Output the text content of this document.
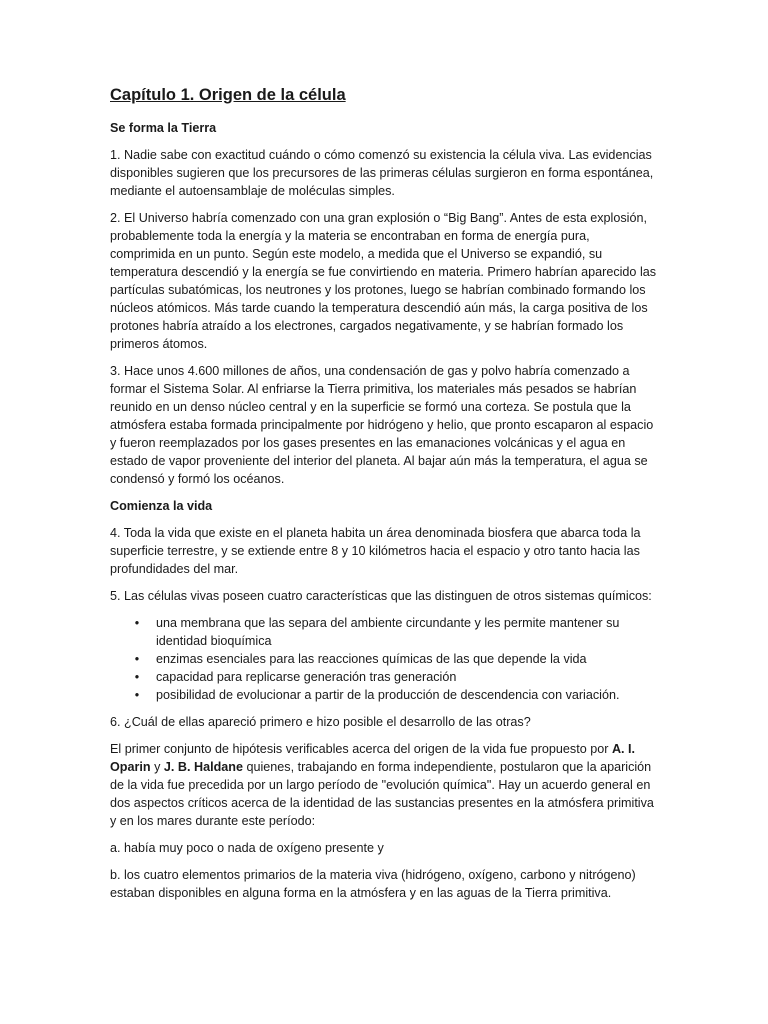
Capítulo 1. Origen de la célula
Se forma la Tierra

1. Nadie sabe con exactitud cuándo o cómo comenzó su existencia la célula viva. Las evidencias disponibles sugieren que los precursores de las primeras células surgieron en forma espontánea, mediante el autoensamblaje de moléculas simples.

2. El Universo habría comenzado con una gran explosión o “Big Bang”. Antes de esta explosión, probablemente toda la energía y la materia se encontraban en forma de energía pura, comprimida en un punto. Según este modelo, a medida que el Universo se expandió, su temperatura descendió y la energía se fue convirtiendo en materia. Primero habrían aparecido las partículas subatómicas, los neutrones y los protones, luego se habrían combinado formando los núcleos atómicos. Más tarde cuando la temperatura descendió aún más, la carga positiva de los protones habría atraído a los electrones, cargados negativamente, y se habrían formado los primeros átomos.

3. Hace unos 4.600 millones de años, una condensación de gas y polvo habría comenzado a formar el Sistema Solar. Al enfriarse la Tierra primitiva, los materiales más pesados se habrían reunido en un denso núcleo central y en la superficie se formó una corteza. Se postula que la atmósfera estaba formada principalmente por hidrógeno y helio, que pronto escaparon al espacio y fueron reemplazados por los gases presentes en las emanaciones volcánicas y el agua en estado de vapor proveniente del interior del planeta. Al bajar aún más la temperatura, el agua se condensó y formó los océanos.

Comienza la vida

4. Toda la vida que existe en el planeta habita un área denominada biosfera que abarca toda la superficie terrestre, y se extiende entre 8 y 10 kilómetros hacia el espacio y otro tanto hacia las profundidades del mar.

5. Las células vivas poseen cuatro características que las distinguen de otros sistemas químicos:

• una membrana que las separa del ambiente circundante y les permite mantener su identidad bioquímica
• enzimas esenciales para las reacciones químicas de las que depende la vida
• capacidad para replicarse generación tras generación
• posibilidad de evolucionar a partir de la producción de descendencia con variación.

6. ¿Cuál de ellas apareció primero e hizo posible el desarrollo de las otras?

El primer conjunto de hipótesis verificables acerca del origen de la vida fue propuesto por A. I. Oparin y J. B. Haldane quienes, trabajando en forma independiente, postularon que la aparición de la vida fue precedida por un largo período de "evolución química". Hay un acuerdo general en dos aspectos críticos acerca de la identidad de las sustancias presentes en la atmósfera primitiva y en los mares durante este período:

a. había muy poco o nada de oxígeno presente y

b. los cuatro elementos primarios de la materia viva (hidrógeno, oxígeno, carbono y nitrógeno) estaban disponibles en alguna forma en la atmósfera y en las aguas de la Tierra primitiva.
